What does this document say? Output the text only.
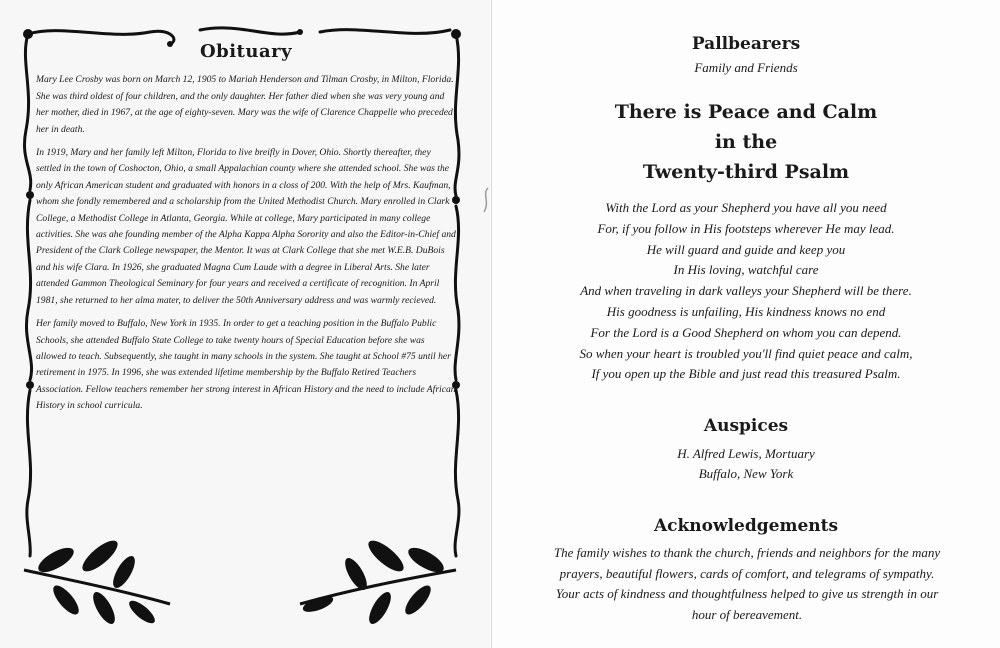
Obituary

Mary Lee Crosby was born on March 12, 1905 to Mariah Henderson and Tilman Crosby, in Milton, Florida. She was third oldest of four children, and the only daughter. Her father died when she was very young and her mother, died in 1967, at the age of eighty-seven. Mary was the wife of Clarence Chappelle who preceded her in death.

In 1919, Mary and her family left Milton, Florida to live breifly in Dover, Ohio. Shortly thereafter, they settled in the town of Coshocton, Ohio, a small Appalachian county where she attended school. She was the only African American student and graduated with honors in a closs of 200. With the help of Mrs. Kaufman, whom she fondly remembered and a scholarship from the United Methodist Church. Mary enrolled in Clark College, a Methodist College in Atlanta, Georgia. While at college, Mary participated in many college activities. She was ahe founding member of the Alpha Kappa Alpha Sorority and also the Editor-in-Chief and President of the Clark College newspaper, the Mentor. It was at Clark College that she met W.E.B. DuBois and his wife Clara. In 1926, she graduated Magna Cum Laude with a degree in Liberal Arts. She later attended Gammon Theological Seminary for four years and received a certificate of recognition. In April 1981, she returned to her alma mater, to deliver the 50th Anniversary address and was warmly recieved.

Her family moved to Buffalo, New York in 1935. In order to get a teaching position in the Buffalo Public Schools, she attended Buffalo State College to take twenty hours of Special Education before she was allowed to teach. Subsequently, she taught in many schools in the system. She taught at School #75 until her retirement in 1975. In 1996, she was extended lifetime membership by the Buffalo Retired Teachers Association. Fellow teachers remember her strong interest in African History and the need to include African History in school curricula.

Pallbearers
Family and Friends
There is Peace and Calm
in the
Twenty-third Psalm
With the Lord as your Shepherd you have all you need
For, if you follow in His footsteps wherever He may lead.
He will guard and guide and keep you
In His loving, watchful care
And when traveling in dark valleys your Shepherd will be there.
His goodness is unfailing, His kindness knows no end
For the Lord is a Good Shepherd on whom you can depend.
So when your heart is troubled you'll find quiet peace and calm,
If you open up the Bible and just read this treasured Psalm.
Auspices
H. Alfred Lewis, Mortuary
Buffalo, New York
Acknowledgements
The family wishes to thank the church, friends and neighbors for the many
prayers, beautiful flowers, cards of comfort, and telegrams of sympathy.
Your acts of kindness and thoughtfulness helped to give us strength in our
hour of bereavement.
